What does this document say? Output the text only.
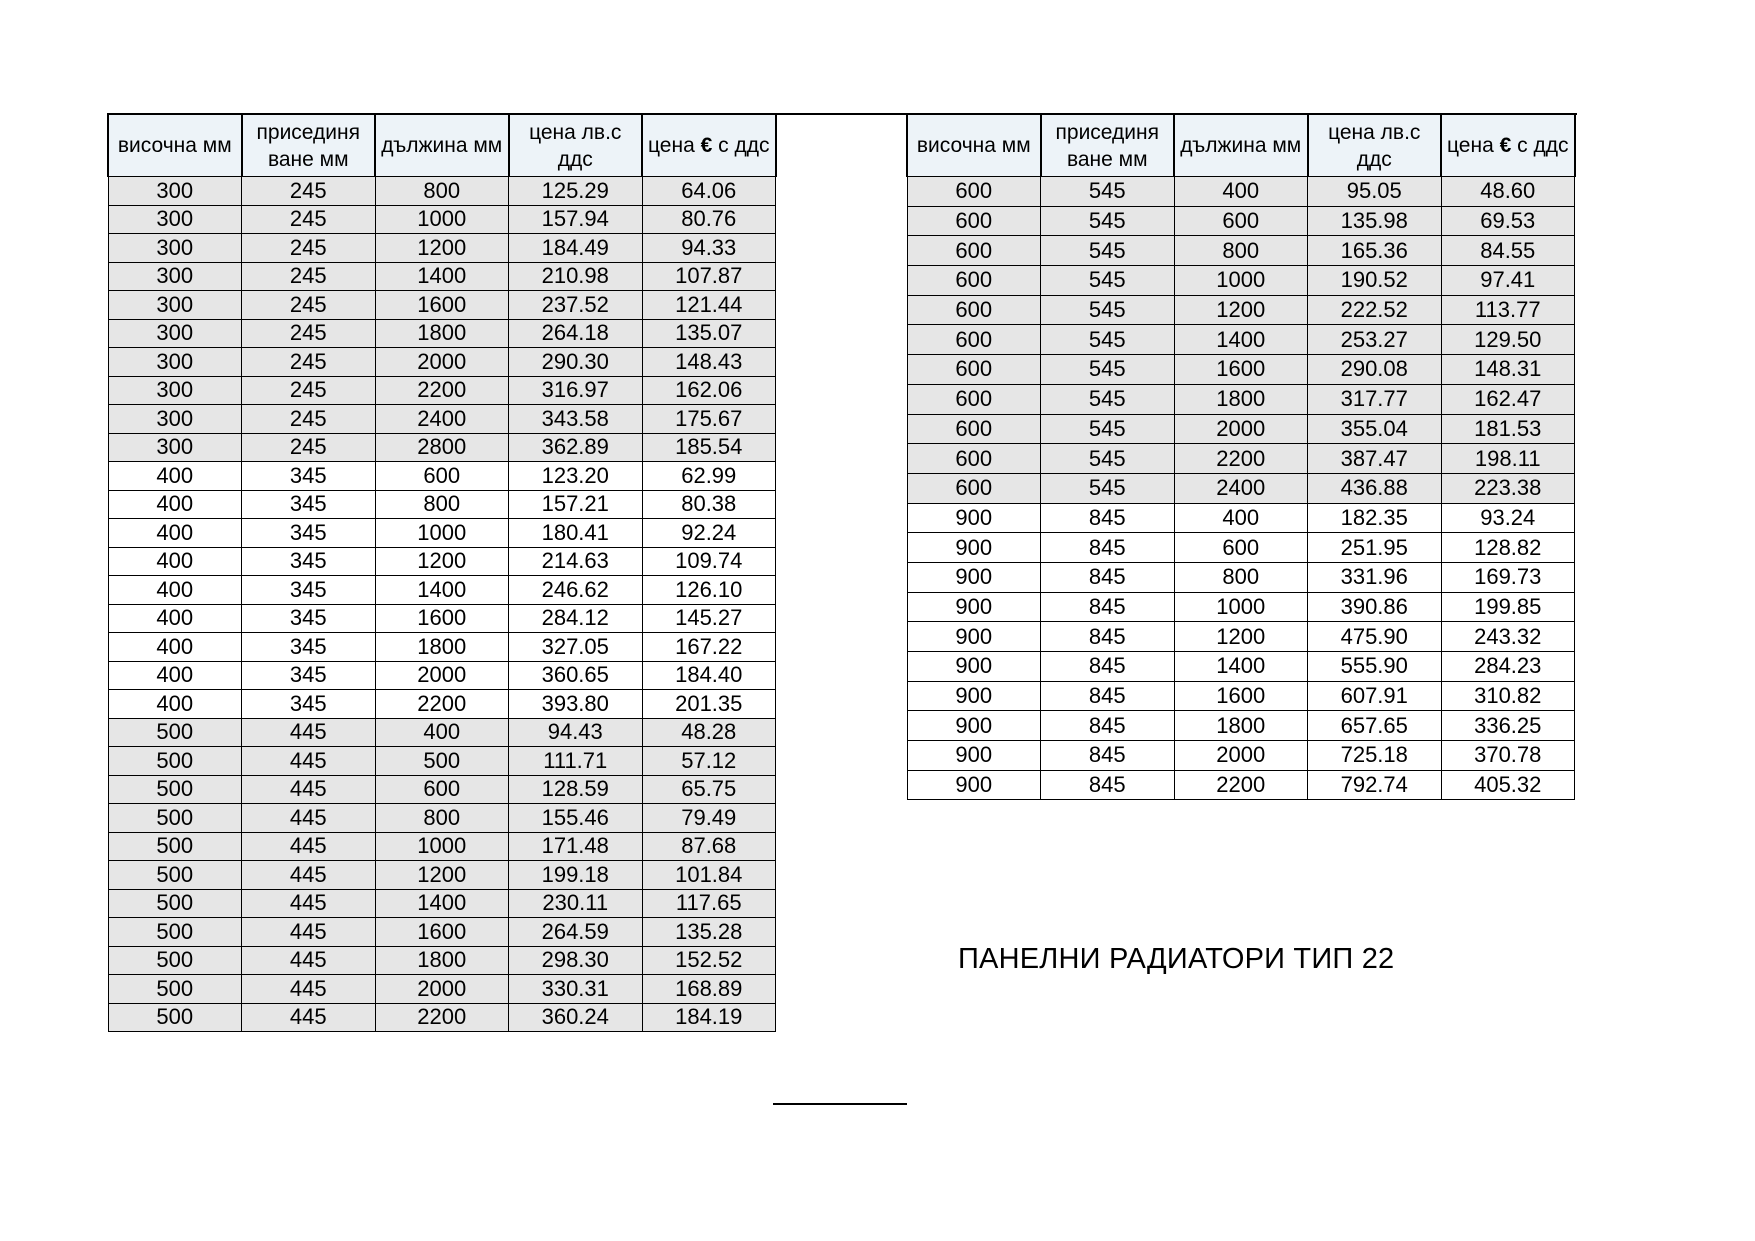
височна мм	присединя ване мм	дължина мм	цена лв.с ддс	цена € с ддс

300	245	800	125.29	64.06
300	245	1000	157.94	80.76
300	245	1200	184.49	94.33
300	245	1400	210.98	107.87
300	245	1600	237.52	121.44
300	245	1800	264.18	135.07
300	245	2000	290.30	148.43
300	245	2200	316.97	162.06
300	245	2400	343.58	175.67
300	245	2800	362.89	185.54
400	345	600	123.20	62.99
400	345	800	157.21	80.38
400	345	1000	180.41	92.24
400	345	1200	214.63	109.74
400	345	1400	246.62	126.10
400	345	1600	284.12	145.27
400	345	1800	327.05	167.22
400	345	2000	360.65	184.40
400	345	2200	393.80	201.35
500	445	400	94.43	48.28
500	445	500	111.71	57.12
500	445	600	128.59	65.75
500	445	800	155.46	79.49
500	445	1000	171.48	87.68
500	445	1200	199.18	101.84
500	445	1400	230.11	117.65
500	445	1600	264.59	135.28
500	445	1800	298.30	152.52
500	445	2000	330.31	168.89
500	445	2200	360.24	184.19
височна мм	присединя ване мм	дължина мм	цена лв.с ддс	цена € с ддс

600	545	400	95.05	48.60
600	545	600	135.98	69.53
600	545	800	165.36	84.55
600	545	1000	190.52	97.41
600	545	1200	222.52	113.77
600	545	1400	253.27	129.50
600	545	1600	290.08	148.31
600	545	1800	317.77	162.47
600	545	2000	355.04	181.53
600	545	2200	387.47	198.11
600	545	2400	436.88	223.38
900	845	400	182.35	93.24
900	845	600	251.95	128.82
900	845	800	331.96	169.73
900	845	1000	390.86	199.85
900	845	1200	475.90	243.32
900	845	1400	555.90	284.23
900	845	1600	607.91	310.82
900	845	1800	657.65	336.25
900	845	2000	725.18	370.78
900	845	2200	792.74	405.32
ПАНЕЛНИ РАДИАТОРИ ТИП 22
